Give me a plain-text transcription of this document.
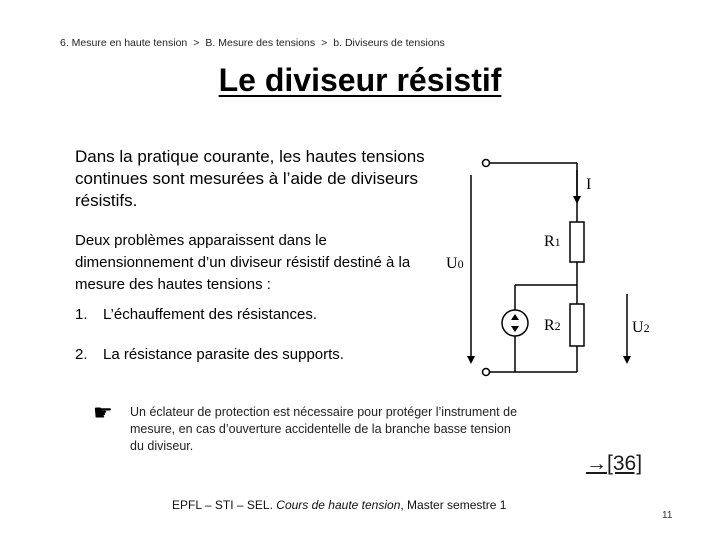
6. Mesure en haute tension > B. Mesure des tensions > b. Diviseurs de tensions
Le diviseur résistif
Dans la pratique courante, les hautes tensions continues sont mesurées à l’aide de diviseurs résistifs.
Deux problèmes apparaissent dans le dimensionnement d’un diviseur résistif destiné à la mesure des hautes tensions :
1. L’échauffement des résistances.
2. La résistance parasite des supports.
☛ Un éclateur de protection est nécessaire pour protéger l’instrument de mesure, en cas d’ouverture accidentelle de la branche basse tension du diviseur.
→[36]
EPFL – STI – SEL. Cours de haute tension, Master semestre 1
11
I
R1
R2
U0
U2
